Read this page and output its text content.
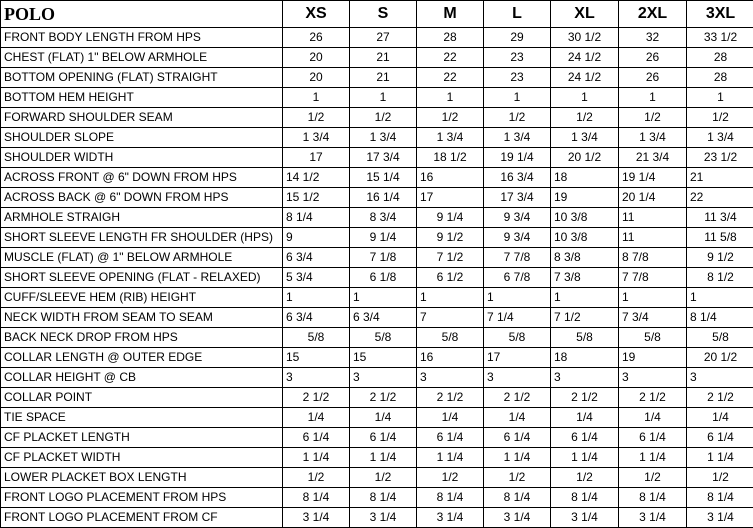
POLO	XS	S	M	L	XL	2XL	3XL
FRONT BODY LENGTH FROM HPS	26	27	28	29	30 1/2	32	33 1/2
CHEST (FLAT) 1" BELOW ARMHOLE	20	21	22	23	24 1/2	26	28
BOTTOM OPENING (FLAT) STRAIGHT	20	21	22	23	24 1/2	26	28
BOTTOM HEM HEIGHT	1	1	1	1	1	1	1
FORWARD SHOULDER SEAM	1/2	1/2	1/2	1/2	1/2	1/2	1/2
SHOULDER SLOPE	1 3/4	1 3/4	1 3/4	1 3/4	1 3/4	1 3/4	1 3/4
SHOULDER WIDTH	17	17 3/4	18 1/2	19 1/4	20 1/2	21 3/4	23 1/2
ACROSS FRONT @ 6" DOWN FROM HPS	14 1/2	15 1/4	16	16 3/4	18	19 1/4	21
ACROSS BACK @ 6" DOWN FROM HPS	15 1/2	16 1/4	17	17 3/4	19	20 1/4	22
ARMHOLE STRAIGH	8 1/4	8 3/4	9 1/4	9 3/4	10 3/8	11	11 3/4
SHORT SLEEVE LENGTH FR SHOULDER (HPS)	9	9 1/4	9 1/2	9 3/4	10 3/8	11	11 5/8
MUSCLE (FLAT) @ 1" BELOW ARMHOLE	6 3/4	7 1/8	7 1/2	7 7/8	8 3/8	8 7/8	9 1/2
SHORT SLEEVE OPENING (FLAT - RELAXED)	5 3/4	6 1/8	6 1/2	6 7/8	7 3/8	7 7/8	8 1/2
CUFF/SLEEVE HEM (RIB) HEIGHT	1	1	1	1	1	1	1
NECK WIDTH FROM SEAM TO SEAM	6 3/4	6 3/4	7	7 1/4	7 1/2	7 3/4	8 1/4
BACK NECK DROP FROM HPS	5/8	5/8	5/8	5/8	5/8	5/8	5/8
COLLAR LENGTH @ OUTER EDGE	15	15	16	17	18	19	20 1/2
COLLAR HEIGHT @ CB	3	3	3	3	3	3	3
COLLAR POINT	2 1/2	2 1/2	2 1/2	2 1/2	2 1/2	2 1/2	2 1/2
TIE SPACE	1/4	1/4	1/4	1/4	1/4	1/4	1/4
CF PLACKET LENGTH	6 1/4	6 1/4	6 1/4	6 1/4	6 1/4	6 1/4	6 1/4
CF PLACKET WIDTH	1 1/4	1 1/4	1 1/4	1 1/4	1 1/4	1 1/4	1 1/4
LOWER PLACKET BOX LENGTH	1/2	1/2	1/2	1/2	1/2	1/2	1/2
FRONT LOGO PLACEMENT FROM HPS	8 1/4	8 1/4	8 1/4	8 1/4	8 1/4	8 1/4	8 1/4
FRONT LOGO PLACEMENT FROM CF	3 1/4	3 1/4	3 1/4	3 1/4	3 1/4	3 1/4	3 1/4
